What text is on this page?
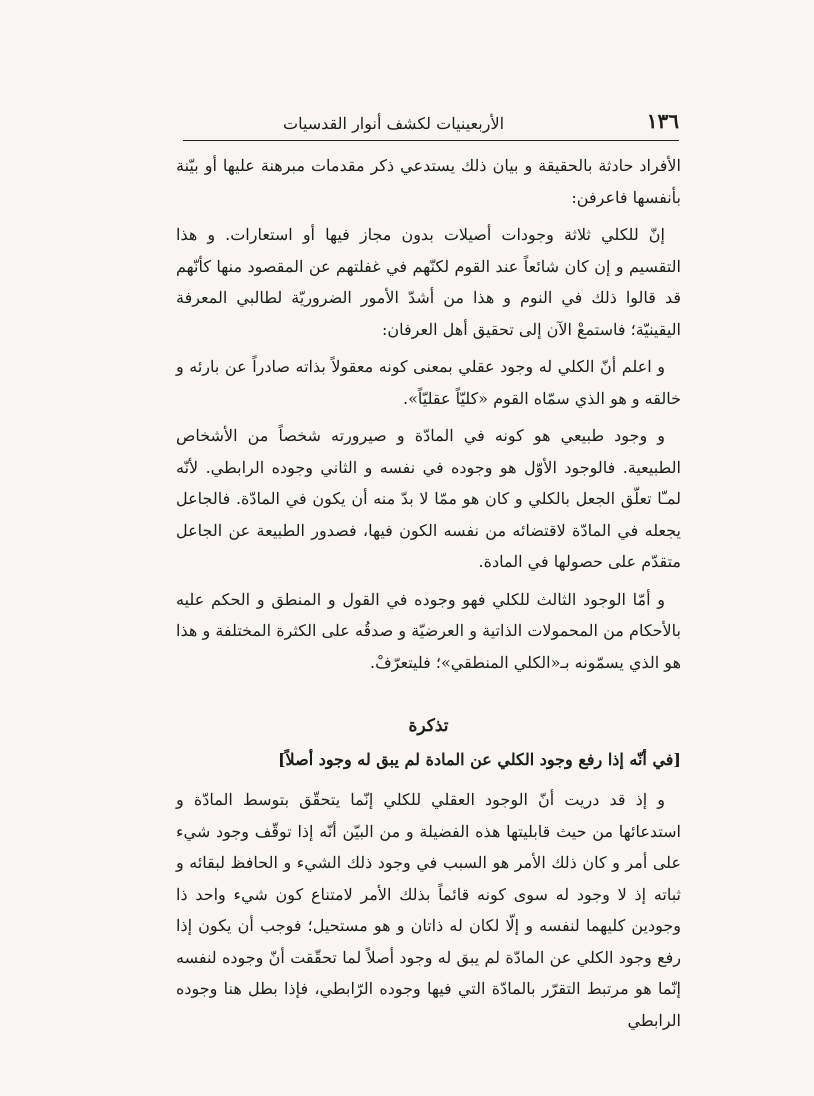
١٣٦
الأربعينيات لكشف أنوار القدسيات

الأفراد حادثة بالحقيقة و بيان ذلك يستدعي ذكر مقدمات مبرهنة عليها أو بيّنة بأنفسها فاعرفن:

إنّ للكلي ثلاثة وجودات أصيلات بدون مجاز فيها أو استعارات. و هذا التقسيم و إن كان شائعاً عند القوم لكنّهم في غفلتهم عن المقصود منها كأنّهم قد قالوا ذلك في النوم و هذا من أشدّ الأمور الضروريّة لطالبي المعرفة اليقينيّة؛ فاستمعْ الآن إلى تحقيق أهل العرفان:

و اعلم أنّ الكلي له وجود عقلي بمعنى كونه معقولاً بذاته صادراً عن بارئه و خالقه و هو الذي سمّاه القوم «كليّاً عقليّاً».

و وجود طبيعي هو كونه في المادّة و صيرورته شخصاً من الأشخاص الطبيعية. فالوجود الأوّل هو وجوده في نفسه و الثاني وجوده الرابطي. لأنّه لمـّا تعلّق الجعل بالكلي و كان هو ممّا لا بدّ منه أن يكون في المادّة. فالجاعل يجعله في المادّة لاقتضائه من نفسه الكون فيها، فصدور الطبيعة عن الجاعل متقدّم على حصولها في المادة.

و أمّا الوجود الثالث للكلي فهو وجوده في القول و المنطق و الحكم عليه بالأحكام من المحمولات الذاتية و العرضيّة و صدقُه على الكثرة المختلفة و هذا هو الذي يسمّونه بـ«الكلي المنطقي»؛ فليتعرّفْ.

تذكرة
[في أنّه إذا رفع وجود الكلي عن المادة لم يبق له وجود أصلاً]

و إذ قد دريت أنّ الوجود العقلي للكلي إنّما يتحقّق بتوسط المادّة و استدعائها من حيث قابليتها هذه الفضيلة و من البيّن أنّه إذا توقّف وجود شيء على أمر و كان ذلك الأمر هو السبب في وجود ذلك الشيء و الحافظ لبقائه و ثباته إذ لا وجود له سوى كونه قائماً بذلك الأمر لامتناع كون شيء واحد ذا وجودين كليهما لنفسه و إلّا لكان له ذاتان و هو مستحيل؛ فوجب أن يكون إذا رفع وجود الكلي عن المادّة لم يبق له وجود أصلاً لما تحقّقت أنّ وجوده لنفسه إنّما هو مرتبط التقرّر بالمادّة التي فيها وجوده الرّابطي، فإذا بطل هنا وجوده الرابطي
